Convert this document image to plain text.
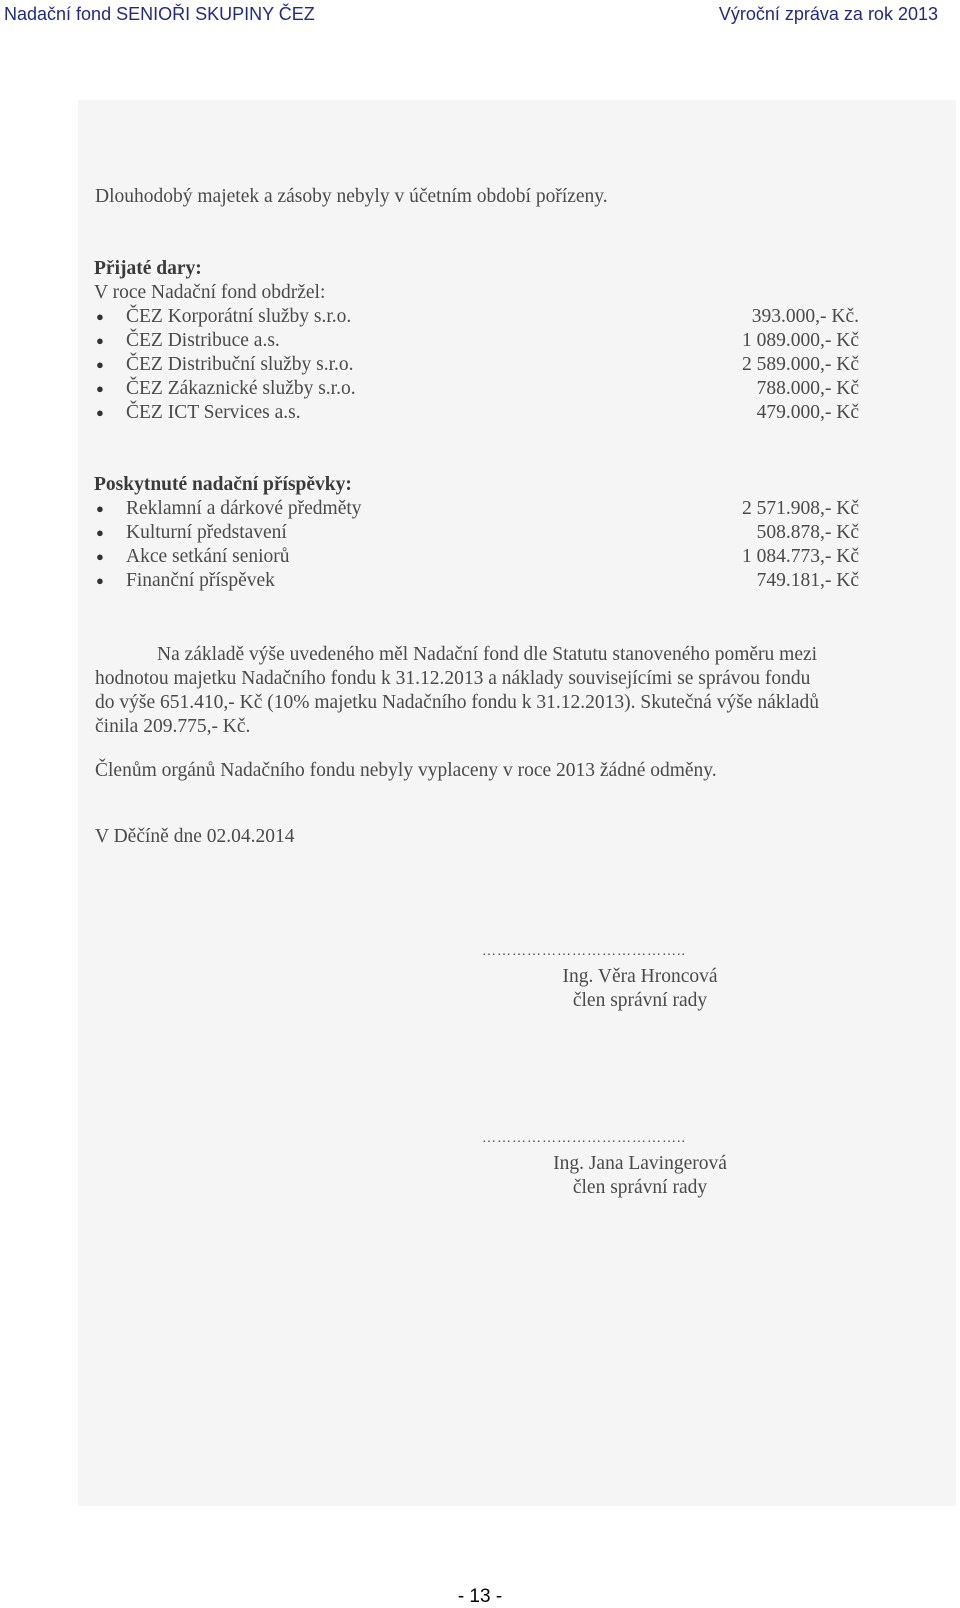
Nadační fond SENIOŘI SKUPINY ČEZ	Výroční zpráva za rok 2013
Dlouhodobý majetek a zásoby nebyly v účetním období pořízeny.
Přijaté dary:
V roce Nadační fond obdržel:
● ČEZ Korporátní služby s.r.o.	393.000,- Kč.
● ČEZ Distribuce a.s.	1 089.000,- Kč
● ČEZ Distribuční služby s.r.o.	2 589.000,- Kč
● ČEZ Zákaznické služby s.r.o.	788.000,- Kč
● ČEZ ICT Services a.s.	479.000,- Kč
Poskytnuté nadační příspěvky:
● Reklamní a dárkové předměty	2 571.908,- Kč
● Kulturní představení	508.878,- Kč
● Akce setkání seniorů	1 084.773,- Kč
● Finanční příspěvek	749.181,- Kč
Na základě výše uvedeného měl Nadační fond dle Statutu stanoveného poměru mezi
hodnotou majetku Nadačního fondu k 31.12.2013 a náklady souvisejícími se správou fondu
do výše 651.410,- Kč (10% majetku Nadačního fondu k 31.12.2013). Skutečná výše nákladů
činila 209.775,- Kč.
Členům orgánů Nadačního fondu nebyly vyplaceny v roce 2013 žádné odměny.
V Děčíně dne 02.04.2014
…………………………………..
Ing. Věra Hroncová
člen správní rady
…………………………………..
Ing. Jana Lavingerová
člen správní rady
- 13 -
